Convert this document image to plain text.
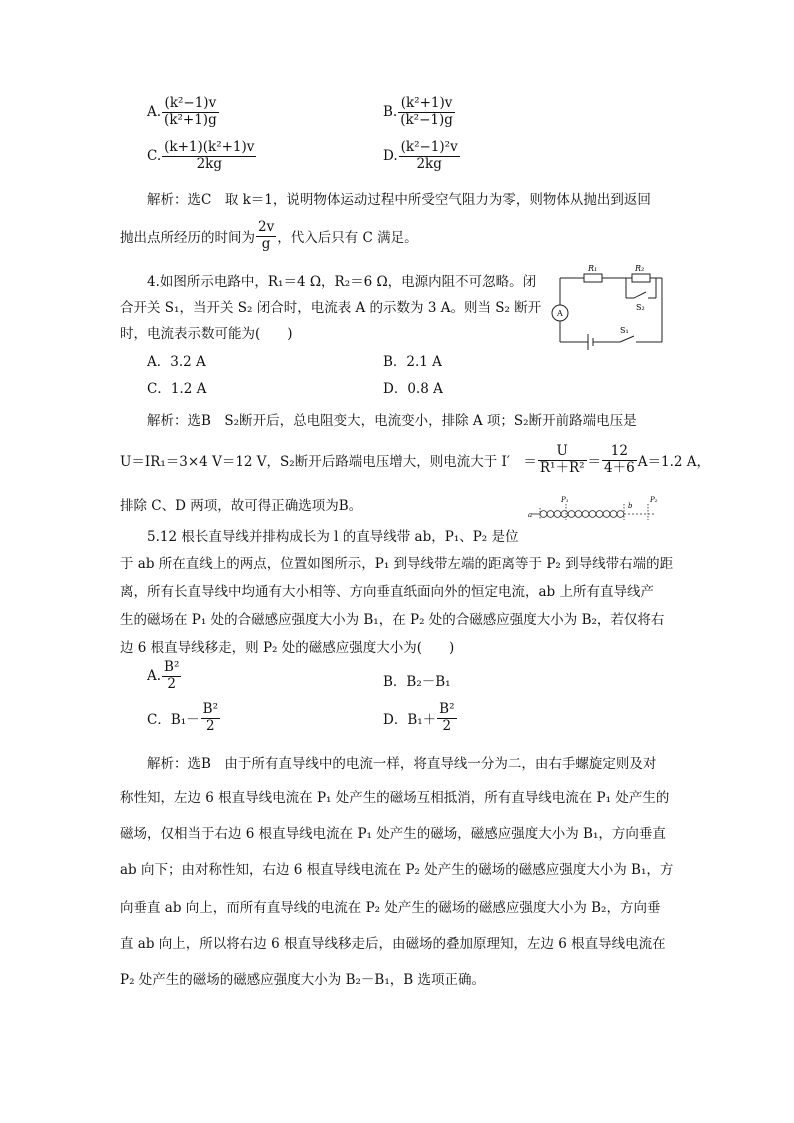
A. $\frac{\text{(k²−1)v}}{\text{(k²+1)g}}$	B. $\frac{\text{(k²+1)v}}{\text{(k²−1)g}}$
C. $\frac{\text{(k+1)(k²+1)v}}{2kg}$	D. $\frac{\text{(k²−1)²v}}{2kg}$
解析：选C　取 k＝1，说明物体运动过程中所受空气阻力为零，则物体从抛出到返回
抛出点所经历的时间为 $\frac{2v}{g}$ ，代入后只有 C 满足。
4.如图所示电路中，R₁＝4 Ω，R₂＝6 Ω，电源内阻不可忽略。闭
合开关 S₁，当开关 S₂ 闭合时，电流表 A 的示数为 3 A。则当 S₂ 断开
时，电流表示数可能为(　　)
A．3.2 A	B．2.1 A
C．1.2 A	D．0.8 A
R₁	R₂
S₂
S₁
A
解析：选B　S₂断开后，总电阻变大，电流变小，排除 A 项；S₂断开前路端电压是
U＝IR₁＝3×4 V＝12 V，S₂断开后路端电压增大，则电流大于 I′　＝ $\frac{U}{\text{R¹＋R²}} = \frac{12}{4+6} A=1.2$ A，
排除 C、D 两项，故可得正确选项为B。
a
P₁
b
P₂
5.12 根长直导线并排构成长为 l 的直导线带 ab，P₁、P₂ 是位
于 ab 所在直线上的两点，位置如图所示，P₁ 到导线带左端的距离等于 P₂ 到导线带右端的距
离，所有长直导线中均通有大小相等、方向垂直纸面向外的恒定电流，ab 上所有直导线产
生的磁场在 P₁ 处的合磁感应强度大小为 B₁，在 P₂ 处的合磁感应强度大小为 B₂，若仅将右
边 6 根直导线移走，则 P₂ 处的磁感应强度大小为(　　)
A. $\frac{\text{B²}}{2}$	B．B₂－B₁
C．$B_1- \frac{\text{B²}}{2}$	D．$B_1+ \frac{\text{B²}}{2}$
解析：选B　由于所有直导线中的电流一样，将直导线一分为二，由右手螺旋定则及对
称性知，左边 6 根直导线电流在 P₁ 处产生的磁场互相抵消，所有直导线电流在 P₁ 处产生的
磁场，仅相当于右边 6 根直导线电流在 P₁ 处产生的磁场，磁感应强度大小为 B₁，方向垂直
ab 向下；由对称性知，右边 6 根直导线电流在 P₂ 处产生的磁场的磁感应强度大小为 B₁，方
向垂直 ab 向上，而所有直导线的电流在 P₂ 处产生的磁场的磁感应强度大小为 B₂，方向垂
直 ab 向上，所以将右边 6 根直导线移走后，由磁场的叠加原理知，左边 6 根直导线电流在
P₂ 处产生的磁场的磁感应强度大小为 B₂－B₁，B 选项正确。
